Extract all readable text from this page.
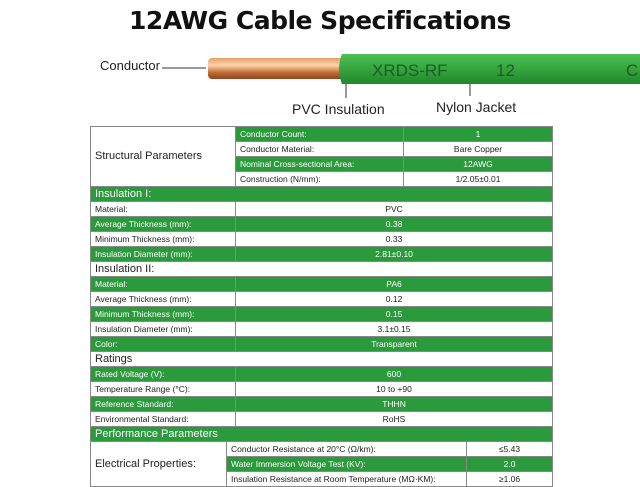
12AWG Cable Specifications
XRDS-RF	12	C
Conductor
PVC Insulation	Nylon Jacket
Structural Parameters		Conductor Count:	1	
		Conductor Material:	Bare Copper	
		Nominal Cross-sectional Area:	12AWG	
		Construction (N/mm):	1/2.05±0.01	
Insulation I:				
Material:		PVC		
Average Thickness (mm):		0.38		
Minimum Thickness (mm):		0.33		
Insulation Diameter (mm):		2.81±0.10		
Insulation II:				
Material:		PA6		
Average Thickness (mm):		0.12		
Minimum Thickness (mm):		0.15		
Insulation Diameter (mm):		3.1±0.15		
Color:		Transparent		
Ratings				
Rated Voltage (V):		600		
Temperature Range (°C):		10 to +90		
Reference Standard:		THHN		
Environmental Standard:		RoHS		
Performance Parameters				
Electrical Properties:	Conductor Resistance at 20°C (Ω/km):			≤5.43
	Water Immersion Voltage Test (KV):			2.0
	Insulation Resistance at Room Temperature (MΩ·KM):			≥1.06
